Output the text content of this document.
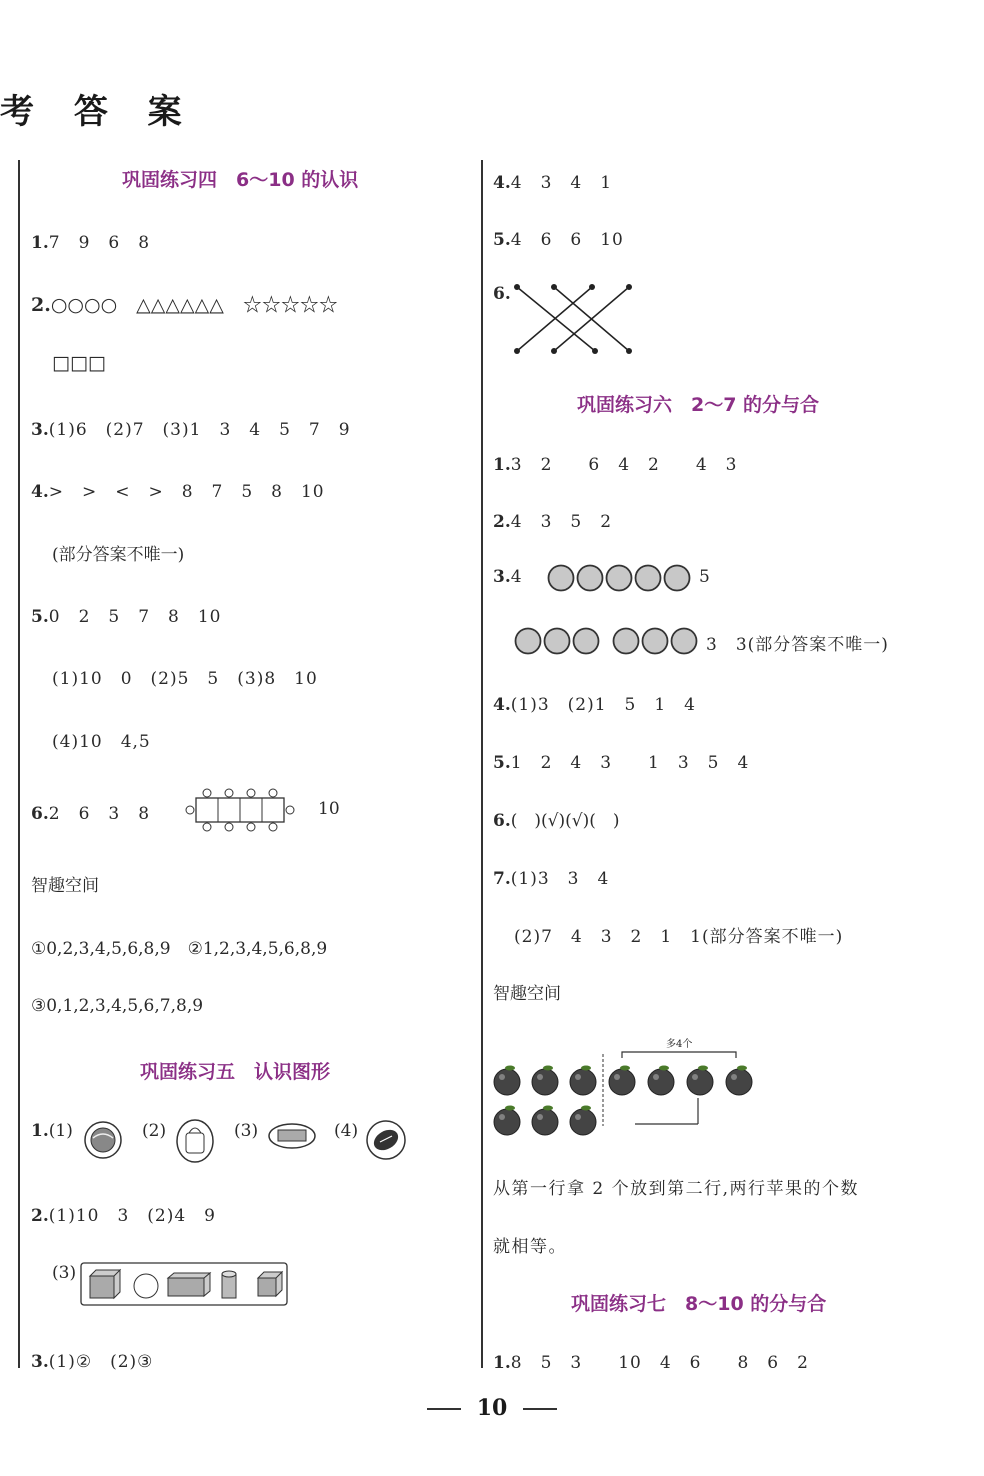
考 答 案
巩固练习四　6～10 的认识
1.7　9　6　8
2.○○○○　△△△△△△　☆☆☆☆☆
□□□
3.(1)6　(2)7　(3)1　3　4　5　7　9
4.>　>　<　>　8　7　5　8　10
(部分答案不唯一)
5.0　2　5　7　8　10
(1)10　0　(2)5　5　(3)8　10
(4)10　4,5
6.2　6　3　8	10
智趣空间
①0,2,3,4,5,6,8,9　②1,2,3,4,5,6,8,9
③0,1,2,3,4,5,6,7,8,9
巩固练习五　认识图形
1.(1)	(2)	(3)	(4)
2.(1)10　3　(2)4　9
(3)
3.(1)②　(2)③
4.4　3　4　1
5.4　6　6　10
6.
巩固练习六　2～7 的分与合
1.3　2　　6　4　2　　4　3
2.4　3　5　2
3.4	5
3　3(部分答案不唯一)
4.(1)3　(2)1　5　1　4
5.1　2　4　3　　1　3　5　4
6.(　)(√)(√)(　)
7.(1)3　3　4
(2)7　4　3　2　1　1(部分答案不唯一)
智趣空间
多4个
从第一行拿 2 个放到第二行,两行苹果的个数
就相等。
巩固练习七　8～10 的分与合
1.8　5　3　　10　4　6　　8　6　2
10
